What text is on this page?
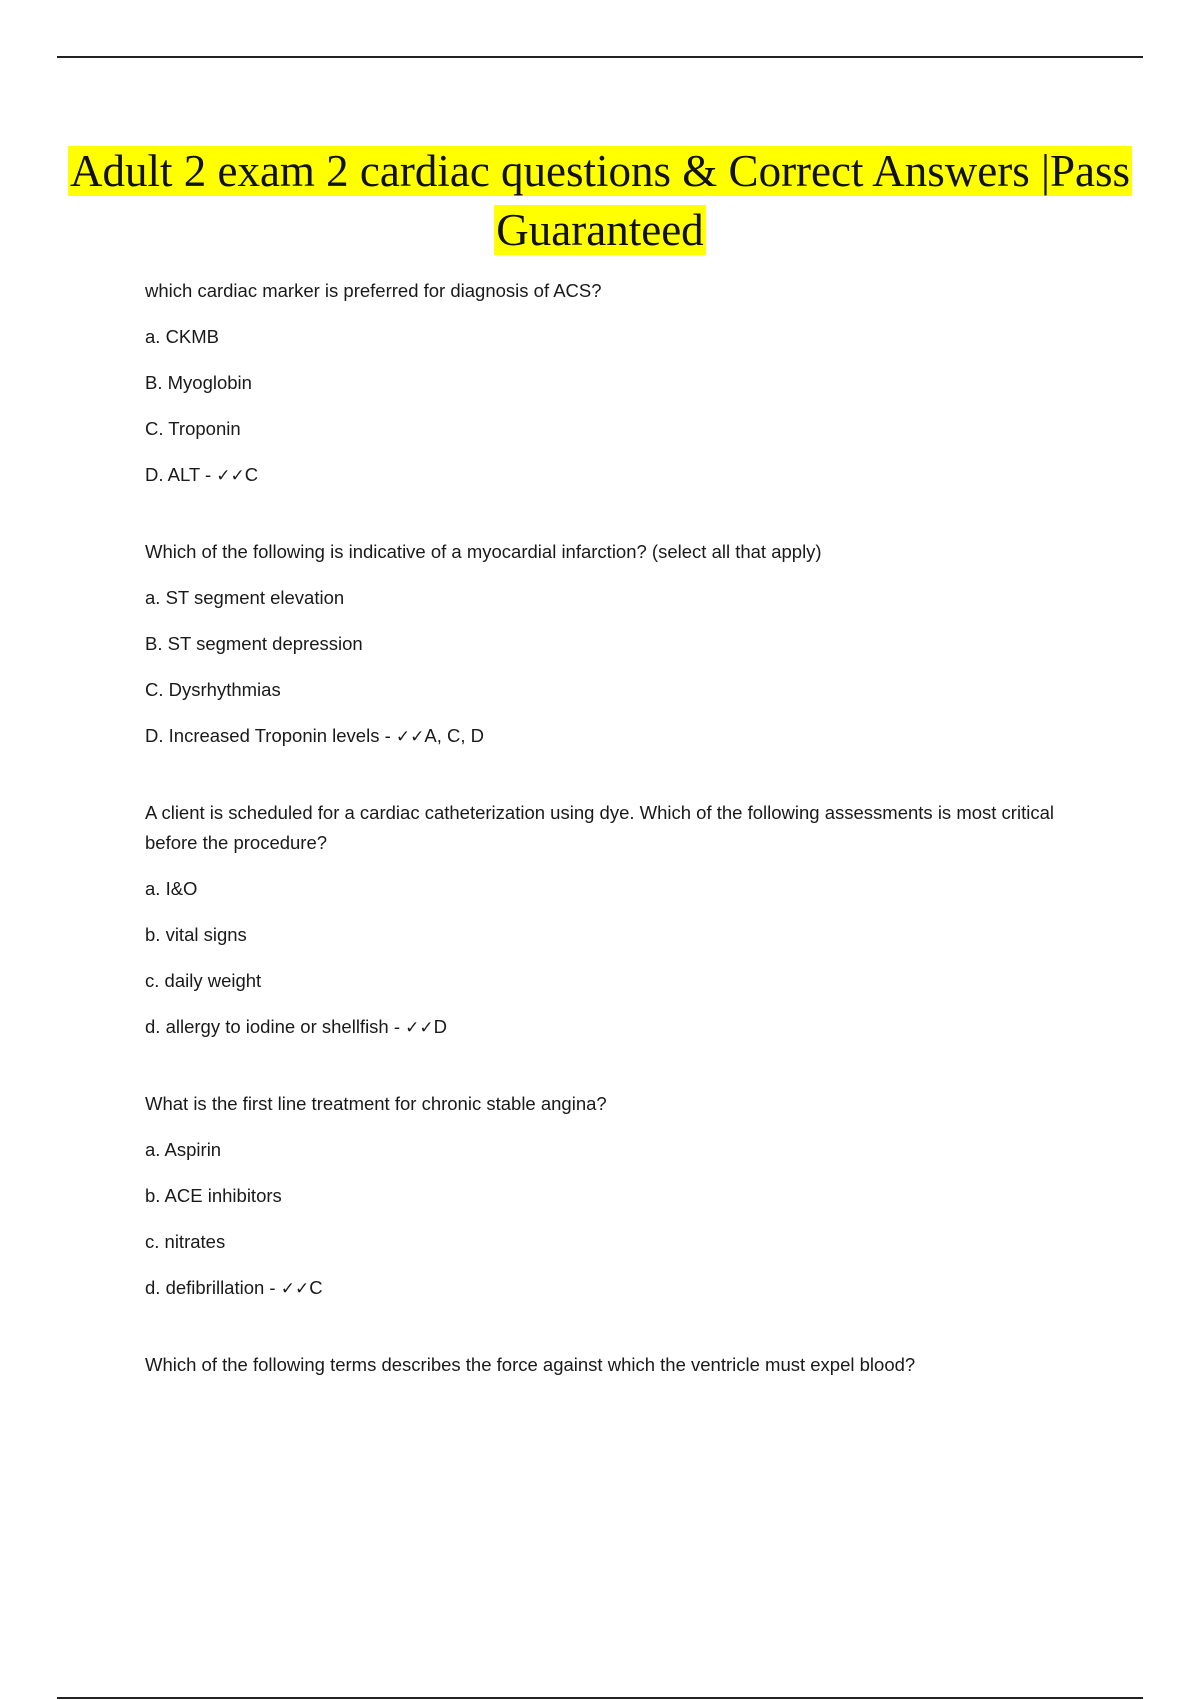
Adult 2 exam 2 cardiac questions & Correct Answers |Pass Guaranteed

which cardiac marker is preferred for diagnosis of ACS?

a. CKMB

B. Myoglobin

C. Troponin

D. ALT - ✓✓C

Which of the following is indicative of a myocardial infarction? (select all that apply)

a. ST segment elevation

B. ST segment depression

C. Dysrhythmias

D. Increased Troponin levels - ✓✓A, C, D

A client is scheduled for a cardiac catheterization using dye. Which of the following assessments is most critical before the procedure?

a. I&O

b. vital signs

c. daily weight

d. allergy to iodine or shellfish - ✓✓D

What is the first line treatment for chronic stable angina?

a. Aspirin

b. ACE inhibitors

c. nitrates

d. defibrillation - ✓✓C

Which of the following terms describes the force against which the ventricle must expel blood?
